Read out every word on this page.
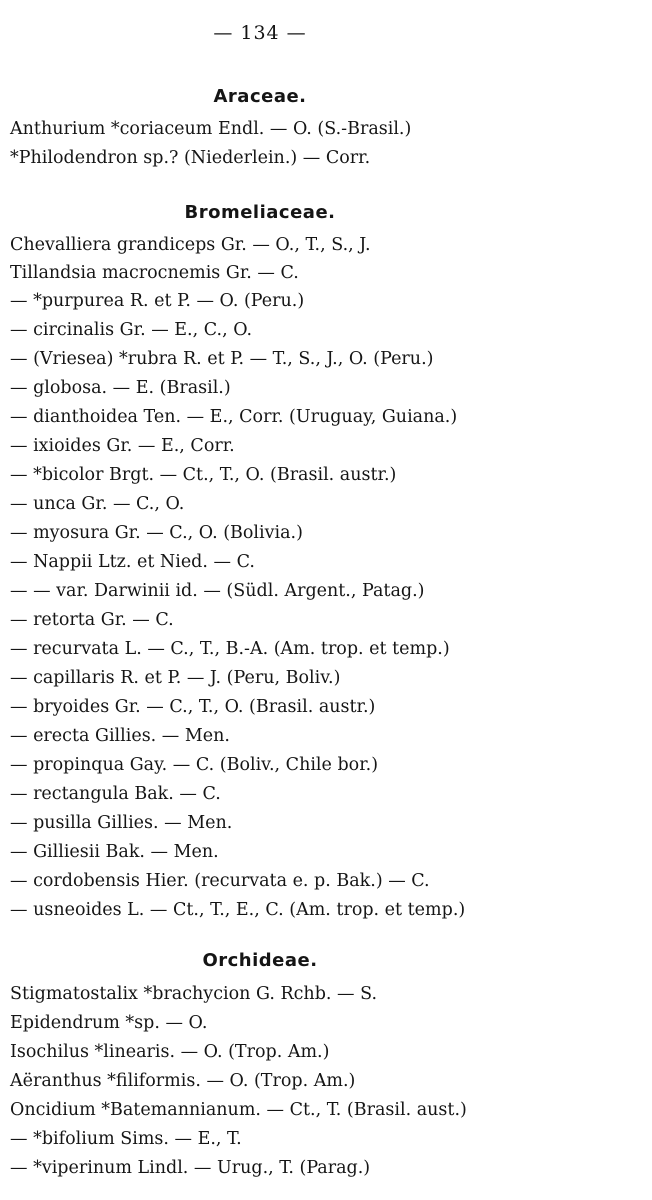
— 134 —
Araceae.
Anthurium *coriaceum Endl. — O. (S.-Brasil.)
*Philodendron sp.? (Niederlein.) — Corr.
Bromeliaceae.
Chevalliera grandiceps Gr. — O., T., S., J.
Tillandsia macrocnemis Gr. — C.
— *purpurea R. et P. — O. (Peru.)
— circinalis Gr. — E., C., O.
— (Vriesea) *rubra R. et P. — T., S., J., O. (Peru.)
— globosa. — E. (Brasil.)
— dianthoidea Ten. — E., Corr. (Uruguay, Guiana.)
— ixioides Gr. — E., Corr.
— *bicolor Brgt. — Ct., T., O. (Brasil. austr.)
— unca Gr. — C., O.
— myosura Gr. — C., O. (Bolivia.)
— Nappii Ltz. et Nied. — C.
— — var. Darwinii id. — (Südl. Argent., Patag.)
— retorta Gr. — C.
— recurvata L. — C., T., B.-A. (Am. trop. et temp.)
— capillaris R. et P. — J. (Peru, Boliv.)
— bryoides Gr. — C., T., O. (Brasil. austr.)
— erecta Gillies. — Men.
— propinqua Gay. — C. (Boliv., Chile bor.)
— rectangula Bak. — C.
— pusilla Gillies. — Men.
— Gilliesii Bak. — Men.
— cordobensis Hier. (recurvata e. p. Bak.) — C.
— usneoides L. — Ct., T., E., C. (Am. trop. et temp.)
Orchideae.
Stigmatostalix *brachycion G. Rchb. — S.
Epidendrum *sp. — O.
Isochilus *linearis. — O. (Trop. Am.)
Aëranthus *filiformis. — O. (Trop. Am.)
Oncidium *Batemannianum. — Ct., T. (Brasil. aust.)
— *bifolium Sims. — E., T.
— *viperinum Lindl. — Urug., T. (Parag.)
